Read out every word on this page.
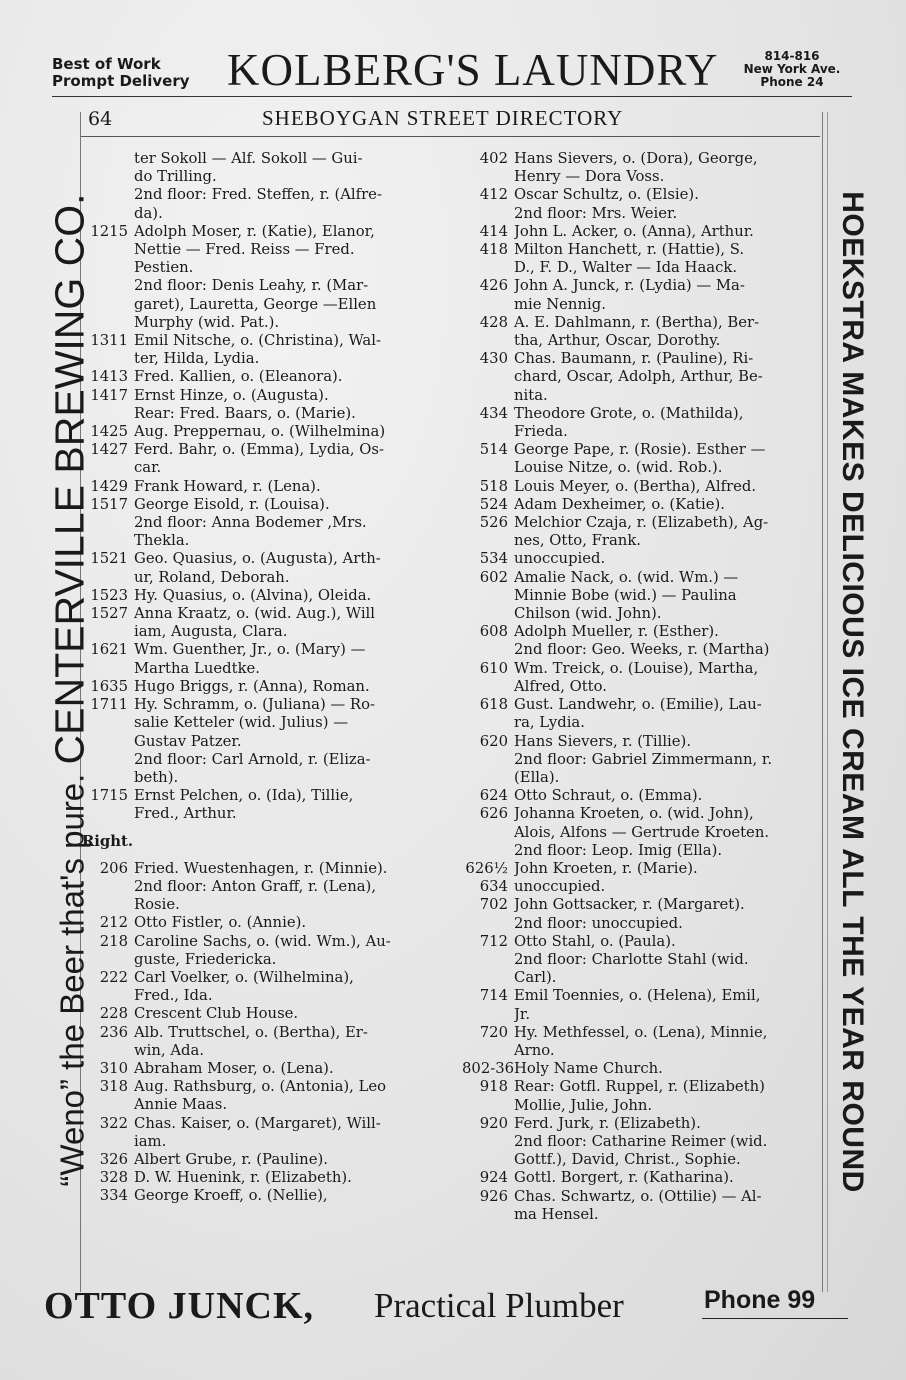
Best of Work
Prompt Delivery KOLBERG'S LAUNDRY	814-816
New York Ave.
Phone 24
64	SHEBOYGAN STREET DIRECTORY
“Weno” the Beer that's pure. CENTERVILLE BREWING CO.	HOEKSTRA MAKES DELICIOUS ICE CREAM ALL THE YEAR ROUND
ter Sokoll — Alf. Sokoll — Gui-
do Trilling.
2nd floor: Fred. Steffen, r. (Alfre-
da).
1215 Adolph Moser, r. (Katie), Elanor,
Nettie — Fred. Reiss — Fred.
Pestien.
2nd floor: Denis Leahy, r. (Mar-
garet), Lauretta, George —Ellen
Murphy (wid. Pat.).
1311 Emil Nitsche, o. (Christina), Wal-
ter, Hilda, Lydia.
1413 Fred. Kallien, o. (Eleanora).
1417 Ernst Hinze, o. (Augusta).
Rear: Fred. Baars, o. (Marie).
1425 Aug. Preppernau, o. (Wilhelmina)
1427 Ferd. Bahr, o. (Emma), Lydia, Os-
car.
1429 Frank Howard, r. (Lena).
1517 George Eisold, r. (Louisa).
2nd floor: Anna Bodemer ,Mrs.
Thekla.
1521 Geo. Quasius, o. (Augusta), Arth-
ur, Roland, Deborah.
1523 Hy. Quasius, o. (Alvina), Oleida.
1527 Anna Kraatz, o. (wid. Aug.), Will
iam, Augusta, Clara.
1621 Wm. Guenther, Jr., o. (Mary) —
Martha Luedtke.
1635 Hugo Briggs, r. (Anna), Roman.
1711 Hy. Schramm, o. (Juliana) — Ro-
salie Ketteler (wid. Julius) —
Gustav Patzer.
2nd floor: Carl Arnold, r. (Eliza-
beth).
1715 Ernst Pelchen, o. (Ida), Tillie,
Fred., Arthur.
Right.
206 Fried. Wuestenhagen, r. (Minnie).
2nd floor: Anton Graff, r. (Lena),
Rosie.
212 Otto Fistler, o. (Annie).
218 Caroline Sachs, o. (wid. Wm.), Au-
guste, Friedericka.
222 Carl Voelker, o. (Wilhelmina),
Fred., Ida.
228 Crescent Club House.
236 Alb. Truttschel, o. (Bertha), Er-
win, Ada.
310 Abraham Moser, o. (Lena).
318 Aug. Rathsburg, o. (Antonia), Leo
Annie Maas.
322 Chas. Kaiser, o. (Margaret), Will-
iam.
326 Albert Grube, r. (Pauline).
328 D. W. Huenink, r. (Elizabeth).
334 George Kroeff, o. (Nellie),
402 Hans Sievers, o. (Dora), George,
Henry — Dora Voss.
412 Oscar Schultz, o. (Elsie).
2nd floor: Mrs. Weier.
414 John L. Acker, o. (Anna), Arthur.
418 Milton Hanchett, r. (Hattie), S.
D., F. D., Walter — Ida Haack.
426 John A. Junck, r. (Lydia) — Ma-
mie Nennig.
428 A. E. Dahlmann, r. (Bertha), Ber-
tha, Arthur, Oscar, Dorothy.
430 Chas. Baumann, r. (Pauline), Ri-
chard, Oscar, Adolph, Arthur, Be-
nita.
434 Theodore Grote, o. (Mathilda),
Frieda.
514 George Pape, r. (Rosie). Esther —
Louise Nitze, o. (wid. Rob.).
518 Louis Meyer, o. (Bertha), Alfred.
524 Adam Dexheimer, o. (Katie).
526 Melchior Czaja, r. (Elizabeth), Ag-
nes, Otto, Frank.
534 unoccupied.
602 Amalie Nack, o. (wid. Wm.) —
Minnie Bobe (wid.) — Paulina
Chilson (wid. John).
608 Adolph Mueller, r. (Esther).
2nd floor: Geo. Weeks, r. (Martha)
610 Wm. Treick, o. (Louise), Martha,
Alfred, Otto.
618 Gust. Landwehr, o. (Emilie), Lau-
ra, Lydia.
620 Hans Sievers, r. (Tillie).
2nd floor: Gabriel Zimmermann, r.
(Ella).
624 Otto Schraut, o. (Emma).
626 Johanna Kroeten, o. (wid. John),
Alois, Alfons — Gertrude Kroeten.
2nd floor: Leop. Imig (Ella).
626½ John Kroeten, r. (Marie).
634 unoccupied.
702 John Gottsacker, r. (Margaret).
2nd floor: unoccupied.
712 Otto Stahl, o. (Paula).
2nd floor: Charlotte Stahl (wid.
Carl).
714 Emil Toennies, o. (Helena), Emil,
Jr.
720 Hy. Methfessel, o. (Lena), Minnie,
Arno.
802-36 Holy Name Church.
918 Rear: Gotfl. Ruppel, r. (Elizabeth)
Mollie, Julie, John.
920 Ferd. Jurk, r. (Elizabeth).
2nd floor: Catharine Reimer (wid.
Gottf.), David, Christ., Sophie.
924 Gottl. Borgert, r. (Katharina).
926 Chas. Schwartz, o. (Ottilie) — Al-
ma Hensel.
OTTO JUNCK, Practical Plumber	Phone 99
